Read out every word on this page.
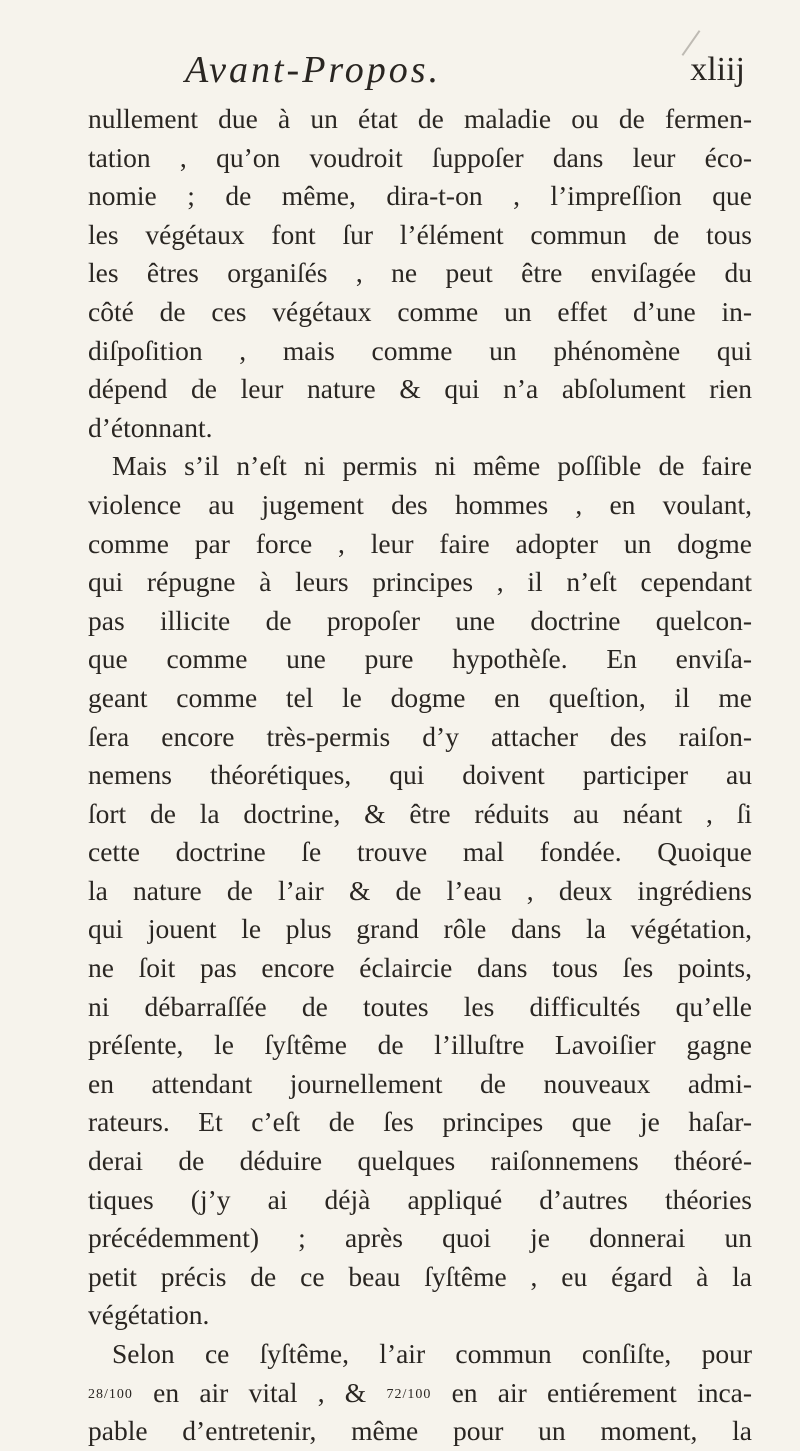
Avant-Propos.	xliij
nullement due à un état de maladie ou de fermen-
tation , qu’on voudroit ſuppoſer dans leur éco-
nomie ; de même, dira-t-on , l’impreſſion que
les végétaux font ſur l’élément commun de tous
les êtres organiſés , ne peut être enviſagée du
côté de ces végétaux comme un effet d’une in-
diſpoſition , mais comme un phénomène qui
dépend de leur nature & qui n’a abſolument rien
d’étonnant.
Mais s’il n’eſt ni permis ni même poſſible de faire
violence au jugement des hommes , en voulant,
comme par force , leur faire adopter un dogme
qui répugne à leurs principes , il n’eſt cependant
pas illicite de propoſer une doctrine quelcon-
que comme une pure hypothèſe. En enviſa-
geant comme tel le dogme en queſtion, il me
ſera encore très-permis d’y attacher des raiſon-
nemens théorétiques, qui doivent participer au
ſort de la doctrine, & être réduits au néant , ſi
cette doctrine ſe trouve mal fondée. Quoique
la nature de l’air & de l’eau , deux ingrédiens
qui jouent le plus grand rôle dans la végétation,
ne ſoit pas encore éclaircie dans tous ſes points,
ni débarraſſée de toutes les difficultés qu’elle
préſente, le ſyſtême de l’illuſtre Lavoiſier gagne
en attendant journellement de nouveaux admi-
rateurs. Et c’eſt de ſes principes que je haſar-
derai de déduire quelques raiſonnemens théoré-
tiques (j’y ai déjà appliqué d’autres théories
précédemment) ; après quoi je donnerai un
petit précis de ce beau ſyſtême , eu égard à la
végétation.
Selon ce ſyſtême, l’air commun conſiſte, pour
28/100 en air vital , & 72/100 en air entiérement inca-
pable d’entretenir, même pour un moment, la
